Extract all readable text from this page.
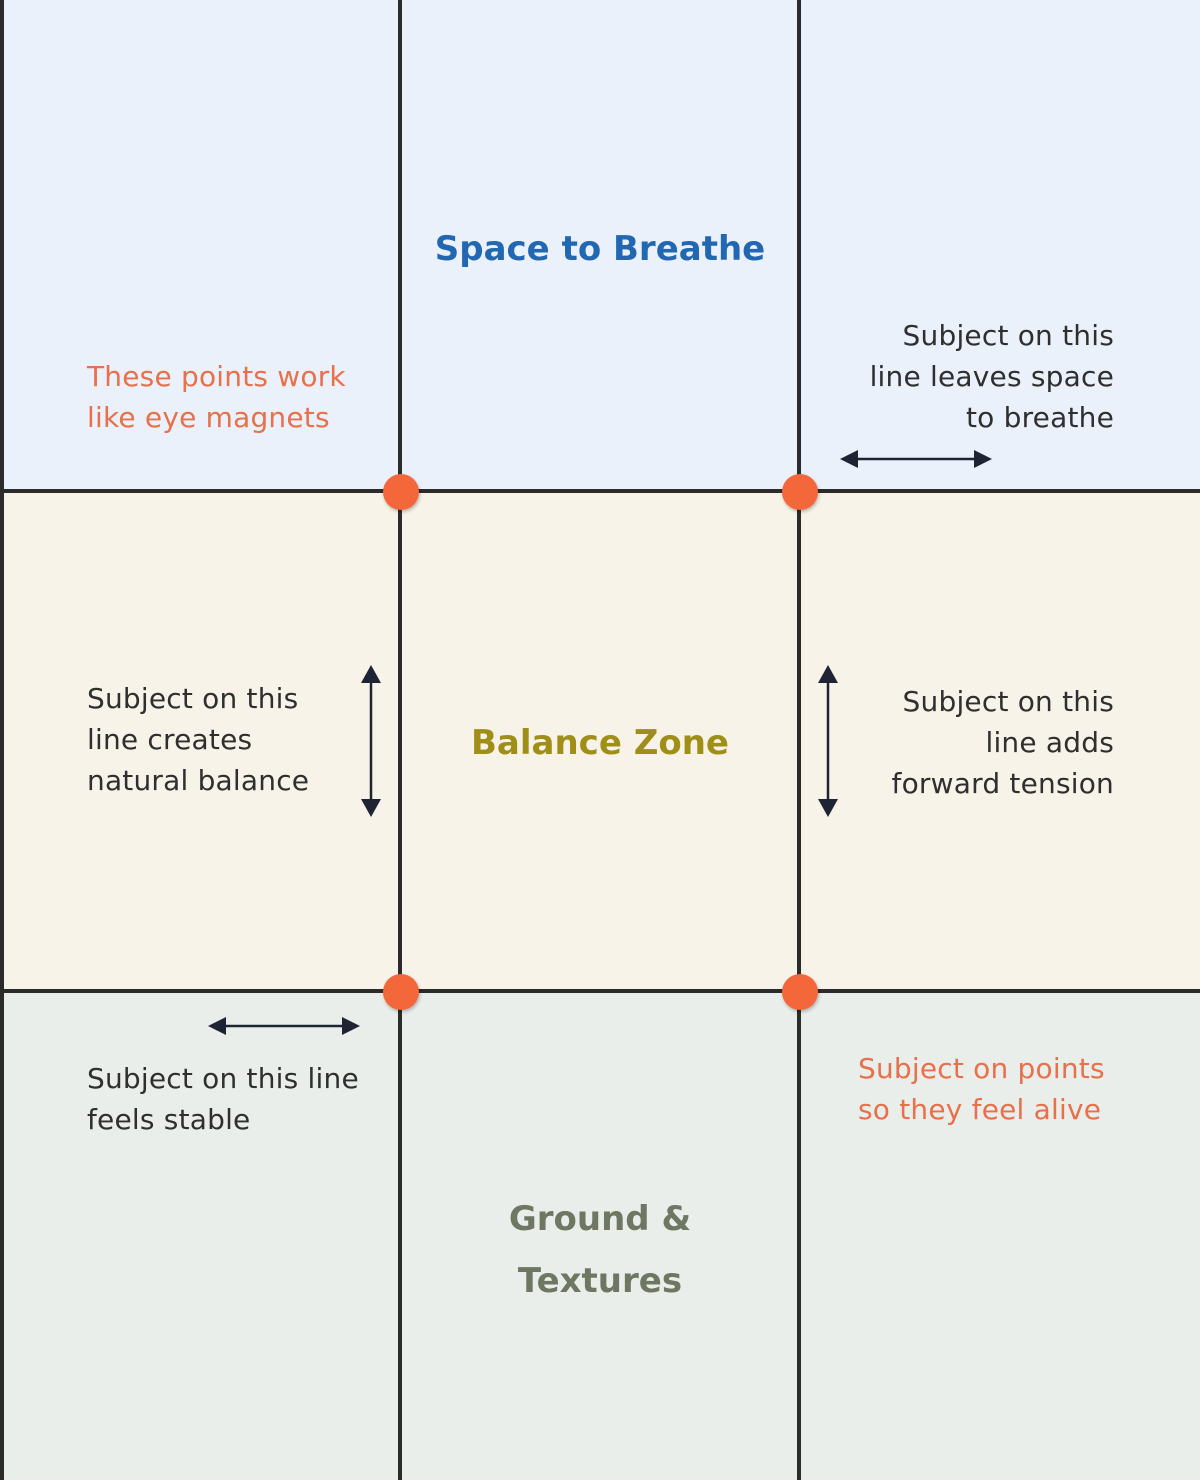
Space to Breathe
Balance Zone
Ground &
Textures
These points work
like eye magnets
Subject on this
line leaves space
to breathe
Subject on this
line creates
natural balance
Subject on this
line adds
forward tension
Subject on this line
feels stable
Subject on points
so they feel alive
